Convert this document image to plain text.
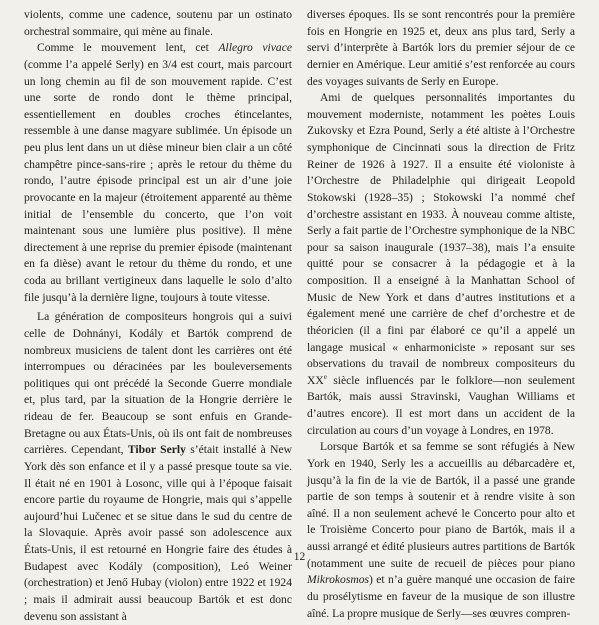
violents, comme une cadence, soutenu par un ostinato orchestral sommaire, qui mène au finale.

Comme le mouvement lent, cet Allegro vivace (comme l’a appelé Serly) en 3/4 est court, mais parcourt un long chemin au fil de son mouvement rapide. C’est une sorte de rondo dont le thème principal, essentiellement en doubles croches étincelantes, ressemble à une danse magyare sublimée. Un épisode un peu plus lent dans un ut dièse mineur bien clair a un côté champêtre pince-sans-rire ; après le retour du thème du rondo, l’autre épisode principal est un air d’une joie provocante en la majeur (étroitement apparenté au thème initial de l’ensemble du concerto, que l’on voit maintenant sous une lumière plus positive). Il mène directement à une reprise du premier épisode (maintenant en fa dièse) avant le retour du thème du rondo, et une coda au brillant vertigineux dans laquelle le solo d’alto file jusqu’à la dernière ligne, toujours à toute vitesse.

La génération de compositeurs hongrois qui a suivi celle de Dohnányi, Kodály et Bartók comprend de nombreux musiciens de talent dont les carrières ont été interrompues ou déracinées par les bouleversements politiques qui ont précédé la Seconde Guerre mondiale et, plus tard, par la situation de la Hongrie derrière le rideau de fer. Beaucoup se sont enfuis en Grande-Bretagne ou aux États-Unis, où ils ont fait de nombreuses carrières. Cependant, Tibor Serly s’était installé à New York dès son enfance et il y a passé presque toute sa vie. Il était né en 1901 à Losonc, ville qui à l’époque faisait encore partie du royaume de Hongrie, mais qui s’appelle aujourd’hui Lučenec et se situe dans le sud du centre de la Slovaquie. Après avoir passé son adolescence aux États-Unis, il est retourné en Hongrie faire des études à Budapest avec Kodály (composition), Leó Weiner (orchestration) et Jenő Hubay (violon) entre 1922 et 1924 ; mais il admirait aussi beaucoup Bartók et est donc devenu son assistant à

diverses époques. Ils se sont rencontrés pour la première fois en Hongrie en 1925 et, deux ans plus tard, Serly a servi d’interprète à Bartók lors du premier séjour de ce dernier en Amérique. Leur amitié s’est renforcée au cours des voyages suivants de Serly en Europe.

Ami de quelques personnalités importantes du mouvement moderniste, notamment les poètes Louis Zukovsky et Ezra Pound, Serly a été altiste à l’Orchestre symphonique de Cincinnati sous la direction de Fritz Reiner de 1926 à 1927. Il a ensuite été violoniste à l’Orchestre de Philadelphie qui dirigeait Leopold Stokowski (1928–35) ; Stokowski l’a nommé chef d’orchestre assistant en 1933. À nouveau comme altiste, Serly a fait partie de l’Orchestre symphonique de la NBC pour sa saison inaugurale (1937–38), mais l’a ensuite quitté pour se consacrer à la pédagogie et à la composition. Il a enseigné à la Manhattan School of Music de New York et dans d’autres institutions et a également mené une carrière de chef d’orchestre et de théoricien (il a fini par élaboré ce qu’il a appelé un langage musical « enharmoniciste » reposant sur ses observations du travail de nombreux compositeurs du XXe siècle influencés par le folklore—non seulement Bartók, mais aussi Stravinski, Vaughan Williams et d’autres encore). Il est mort dans un accident de la circulation au cours d’un voyage à Londres, en 1978.

Lorsque Bartók et sa femme se sont réfugiés à New York en 1940, Serly les a accueillis au débarcadère et, jusqu’à la fin de la vie de Bartók, il a passé une grande partie de son temps à soutenir et à rendre visite à son aîné. Il a non seulement achevé le Concerto pour alto et le Troisième Concerto pour piano de Bartók, mais il a aussi arrangé et édité plusieurs autres partitions de Bartók (notamment une suite de recueil de pièces pour piano Mikrokosmos) et n’a guère manqué une occasion de faire du prosélytisme en faveur de la musique de son illustre aîné. La propre musique de Serly—ses œuvres compren-

12
